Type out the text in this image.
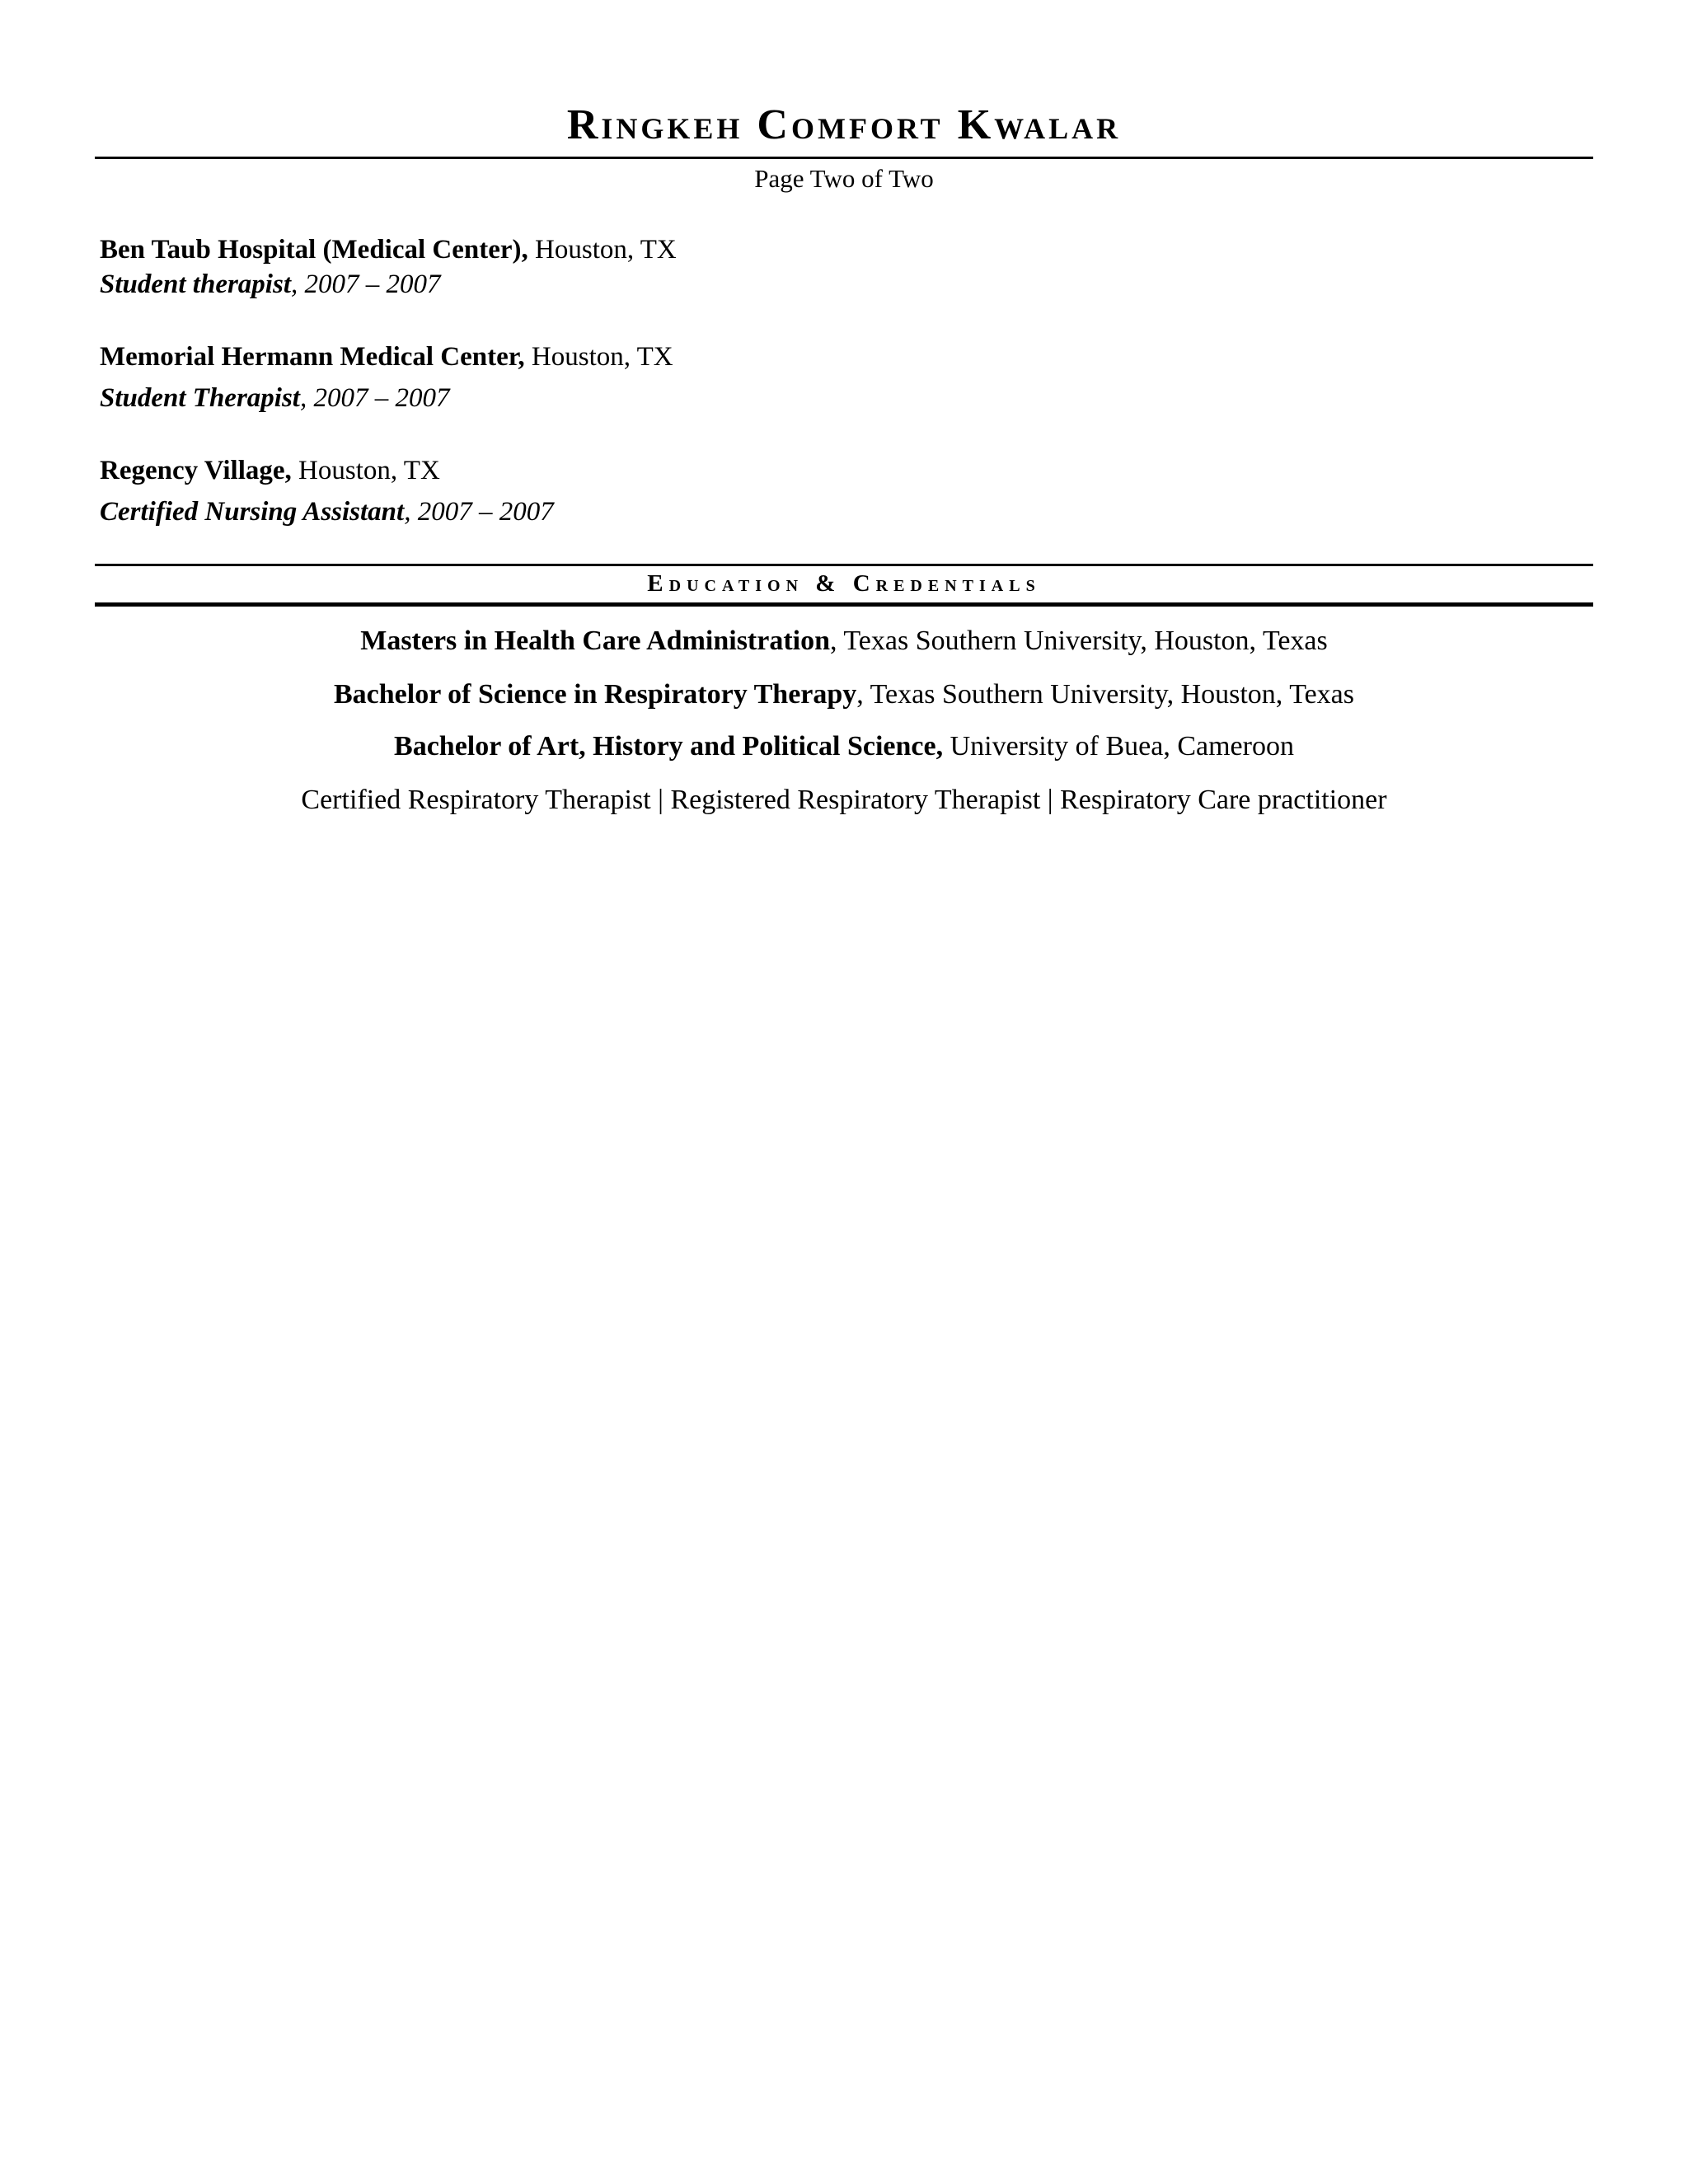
Ringkeh Comfort Kwalar
Page Two of Two
Ben Taub Hospital (Medical Center), Houston, TX
Student therapist, 2007 – 2007
Memorial Hermann Medical Center, Houston, TX
Student Therapist, 2007 – 2007
Regency Village, Houston, TX
Certified Nursing Assistant, 2007 – 2007
Education & Credentials
Masters in Health Care Administration, Texas Southern University, Houston, Texas
Bachelor of Science in Respiratory Therapy, Texas Southern University, Houston, Texas
Bachelor of Art, History and Political Science, University of Buea, Cameroon
Certified Respiratory Therapist | Registered Respiratory Therapist | Respiratory Care practitioner
